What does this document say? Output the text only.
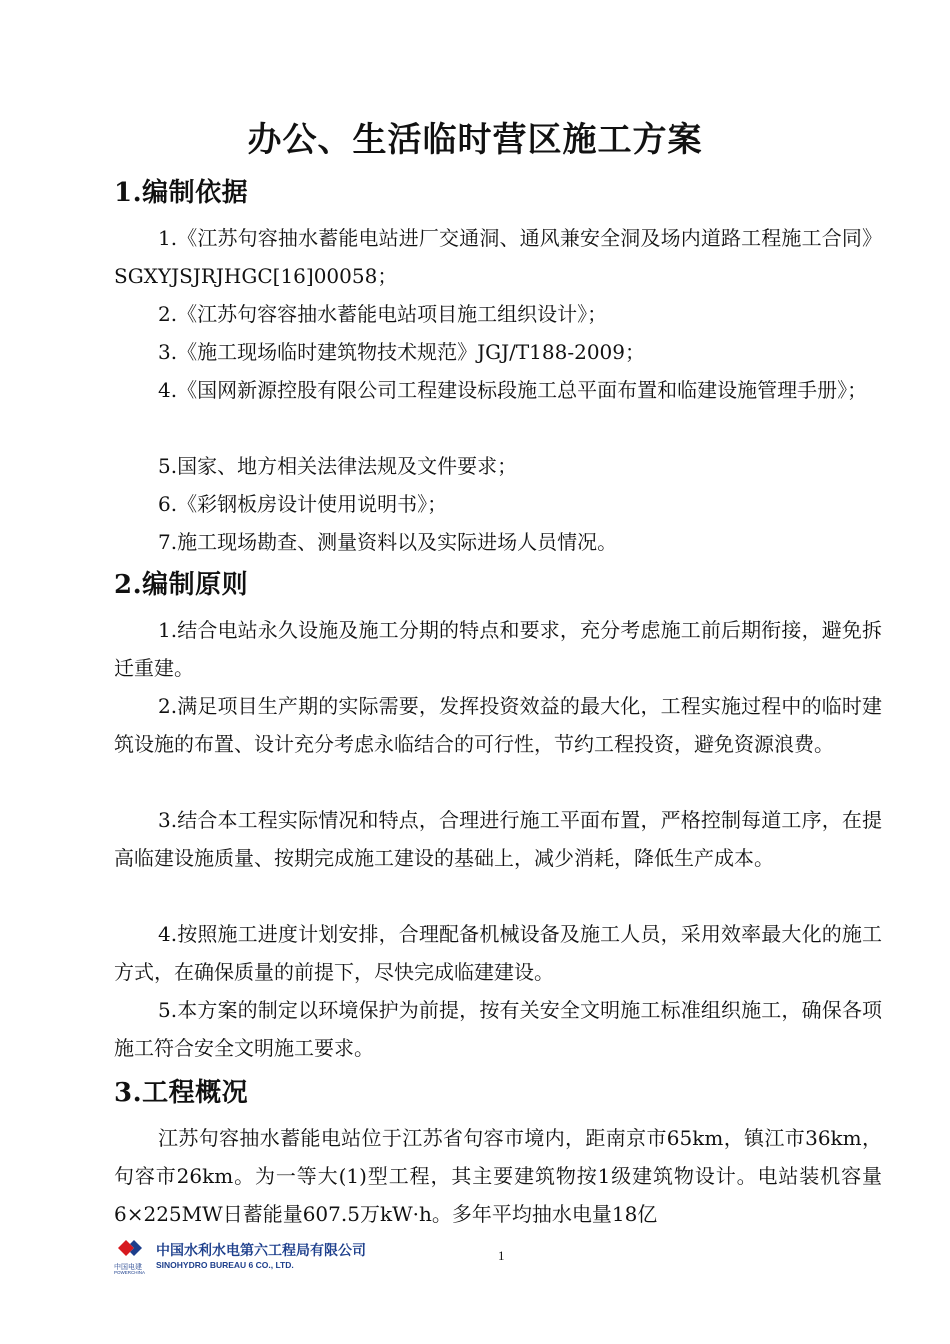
办公、生活临时营区施工方案
1.编制依据
1.《江苏句容抽水蓄能电站进厂交通洞、通风兼安全洞及场内道路工程施工合同》SGXYJSJRJHGC[16]00058；
2.《江苏句容容抽水蓄能电站项目施工组织设计》；
3.《施工现场临时建筑物技术规范》JGJ/T188-2009；
4.《国网新源控股有限公司工程建设标段施工总平面布置和临建设施管理手册》；
5.国家、地方相关法律法规及文件要求；
6.《彩钢板房设计使用说明书》；
7.施工现场勘查、测量资料以及实际进场人员情况。
2.编制原则
1.结合电站永久设施及施工分期的特点和要求，充分考虑施工前后期衔接，避免拆迁重建。
2.满足项目生产期的实际需要，发挥投资效益的最大化，工程实施过程中的临时建筑设施的布置、设计充分考虑永临结合的可行性，节约工程投资，避免资源浪费。
3.结合本工程实际情况和特点，合理进行施工平面布置，严格控制每道工序，在提高临建设施质量、按期完成施工建设的基础上，减少消耗，降低生产成本。
4.按照施工进度计划安排，合理配备机械设备及施工人员，采用效率最大化的施工方式，在确保质量的前提下，尽快完成临建建设。
5.本方案的制定以环境保护为前提，按有关安全文明施工标准组织施工，确保各项施工符合安全文明施工要求。
3.工程概况
江苏句容抽水蓄能电站位于江苏省句容市境内，距南京市65km，镇江市36km，句容市26km。为一等大(1)型工程，其主要建筑物按1级建筑物设计。电站装机容量6×225MW日蓄能量607.5万kW·h。多年平均抽水电量18亿
中国电建
POWERCHINA
中国水利水电第六工程局有限公司
SINOHYDRO BUREAU 6 CO., LTD.
1
